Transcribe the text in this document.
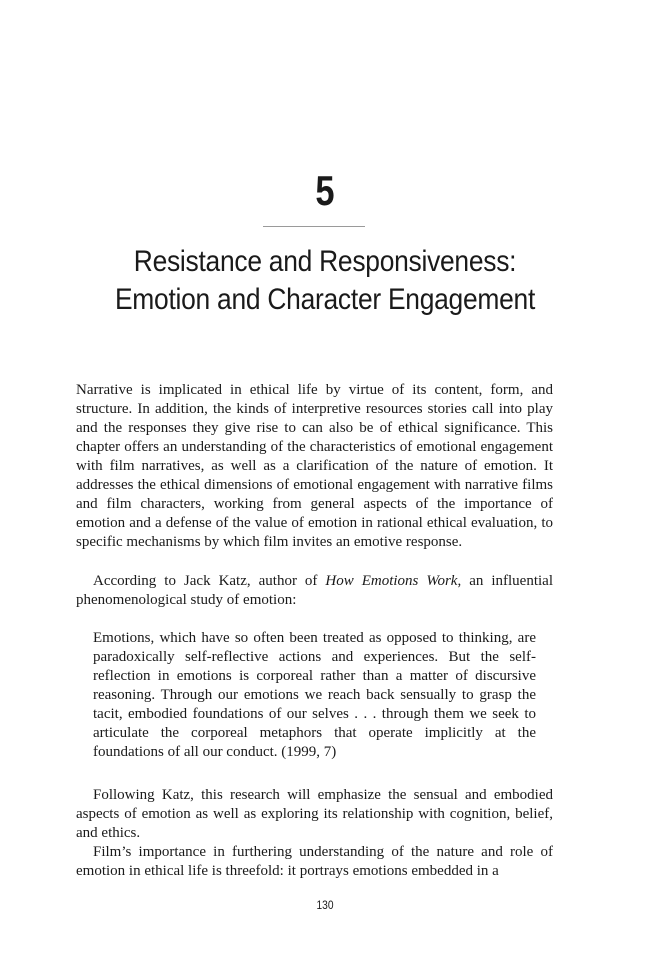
5
Resistance and Responsiveness:
Emotion and Character Engagement

Narrative is implicated in ethical life by virtue of its content, form, and structure. In addition, the kinds of interpretive resources stories call into play and the responses they give rise to can also be of ethical significance. This chapter offers an understanding of the characteristics of emotional engagement with film narratives, as well as a clarification of the nature of emotion. It addresses the ethical dimensions of emotional engagement with narrative films and film characters, working from general aspects of the importance of emotion and a defense of the value of emotion in rational ethical evaluation, to specific mechanisms by which film invites an emotive response.

According to Jack Katz, author of How Emotions Work, an influential phenomenological study of emotion:

Emotions, which have so often been treated as opposed to thinking, are paradoxically self-reflective actions and experiences. But the self-reflection in emotions is corporeal rather than a matter of discursive reasoning. Through our emotions we reach back sensually to grasp the tacit, embodied foundations of our selves . . . through them we seek to articulate the corporeal metaphors that operate implicitly at the foundations of all our conduct. (1999, 7)

Following Katz, this research will emphasize the sensual and embodied aspects of emotion as well as exploring its relationship with cognition, belief, and ethics.

Film’s importance in furthering understanding of the nature and role of emotion in ethical life is threefold: it portrays emotions embedded in a

130
